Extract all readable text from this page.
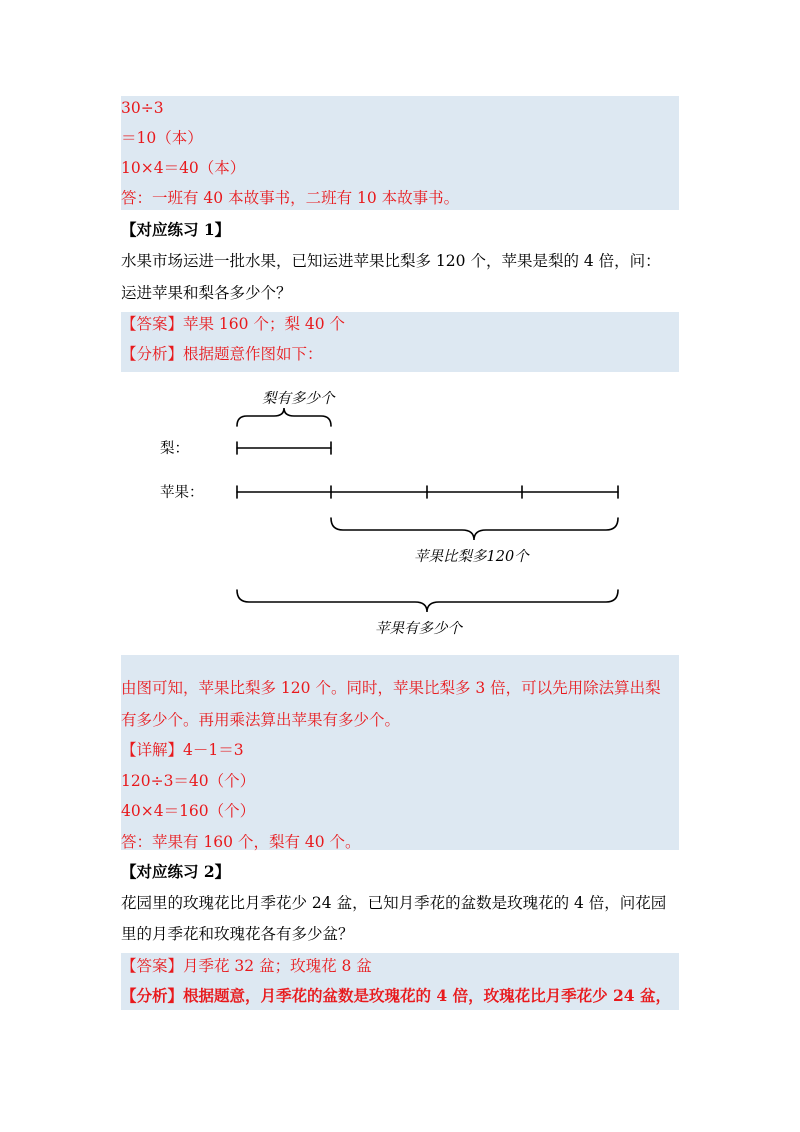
30÷3
＝10（本）
10×4＝40（本）
答：一班有 40 本故事书，二班有 10 本故事书。
【对应练习 1】
水果市场运进一批水果，已知运进苹果比梨多 120 个，苹果是梨的 4 倍，问：
运进苹果和梨各多少个？
【答案】苹果 160 个；梨 40 个
【分析】根据题意作图如下：
梨有多少个
梨：
苹果：
苹果比梨多120个
苹果有多少个
由图可知，苹果比梨多 120 个。同时，苹果比梨多 3 倍，可以先用除法算出梨
有多少个。再用乘法算出苹果有多少个。
【详解】4－1＝3
120÷3＝40（个）
40×4＝160（个）
答：苹果有 160 个，梨有 40 个。
【对应练习 2】
花园里的玫瑰花比月季花少 24 盆，已知月季花的盆数是玫瑰花的 4 倍，问花园
里的月季花和玫瑰花各有多少盆？
【答案】月季花 32 盆；玫瑰花 8 盆
【分析】根据题意，月季花的盆数是玫瑰花的 4 倍，玫瑰花比月季花少 24 盆，
